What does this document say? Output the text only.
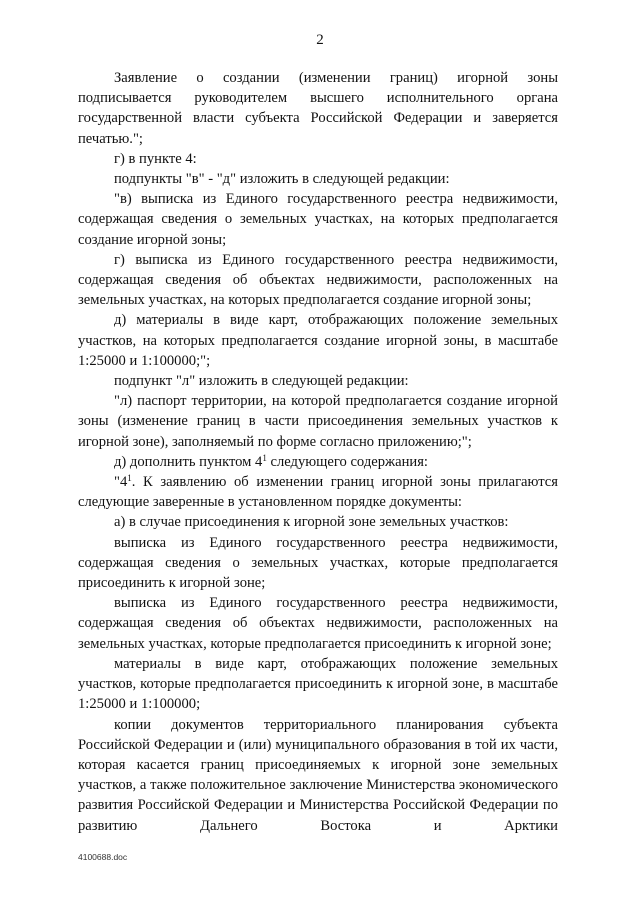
2

Заявление о создании (изменении границ) игорной зоны подписывается руководителем высшего исполнительного органа государственной власти субъекта Российской Федерации и заверяется печатью.";

г) в пункте 4:

подпункты "в" - "д" изложить в следующей редакции:

"в) выписка из Единого государственного реестра недвижимости, содержащая сведения о земельных участках, на которых предполагается создание игорной зоны;

г) выписка из Единого государственного реестра недвижимости, содержащая сведения об объектах недвижимости, расположенных на земельных участках, на которых предполагается создание игорной зоны;

д) материалы в виде карт, отображающих положение земельных участков, на которых предполагается создание игорной зоны, в масштабе 1:25000 и 1:100000;";

подпункт "л" изложить в следующей редакции:

"л) паспорт территории, на которой предполагается создание игорной зоны (изменение границ в части присоединения земельных участков к игорной зоне), заполняемый по форме согласно приложению;";

д) дополнить пунктом $4^1$ следующего содержания:

"$4^1$. К заявлению об изменении границ игорной зоны прилагаются следующие заверенные в установленном порядке документы:

а) в случае присоединения к игорной зоне земельных участков:

выписка из Единого государственного реестра недвижимости, содержащая сведения о земельных участках, которые предполагается присоединить к игорной зоне;

выписка из Единого государственного реестра недвижимости, содержащая сведения об объектах недвижимости, расположенных на земельных участках, которые предполагается присоединить к игорной зоне;

материалы в виде карт, отображающих положение земельных участков, которые предполагается присоединить к игорной зоне, в масштабе 1:25000 и 1:100000;

копии документов территориального планирования субъекта Российской Федерации и (или) муниципального образования в той их части, которая касается границ присоединяемых к игорной зоне земельных участков, а также положительное заключение Министерства экономического развития Российской Федерации и Министерства Российской Федерации по развитию Дальнего Востока и Арктики

4100688.doc
